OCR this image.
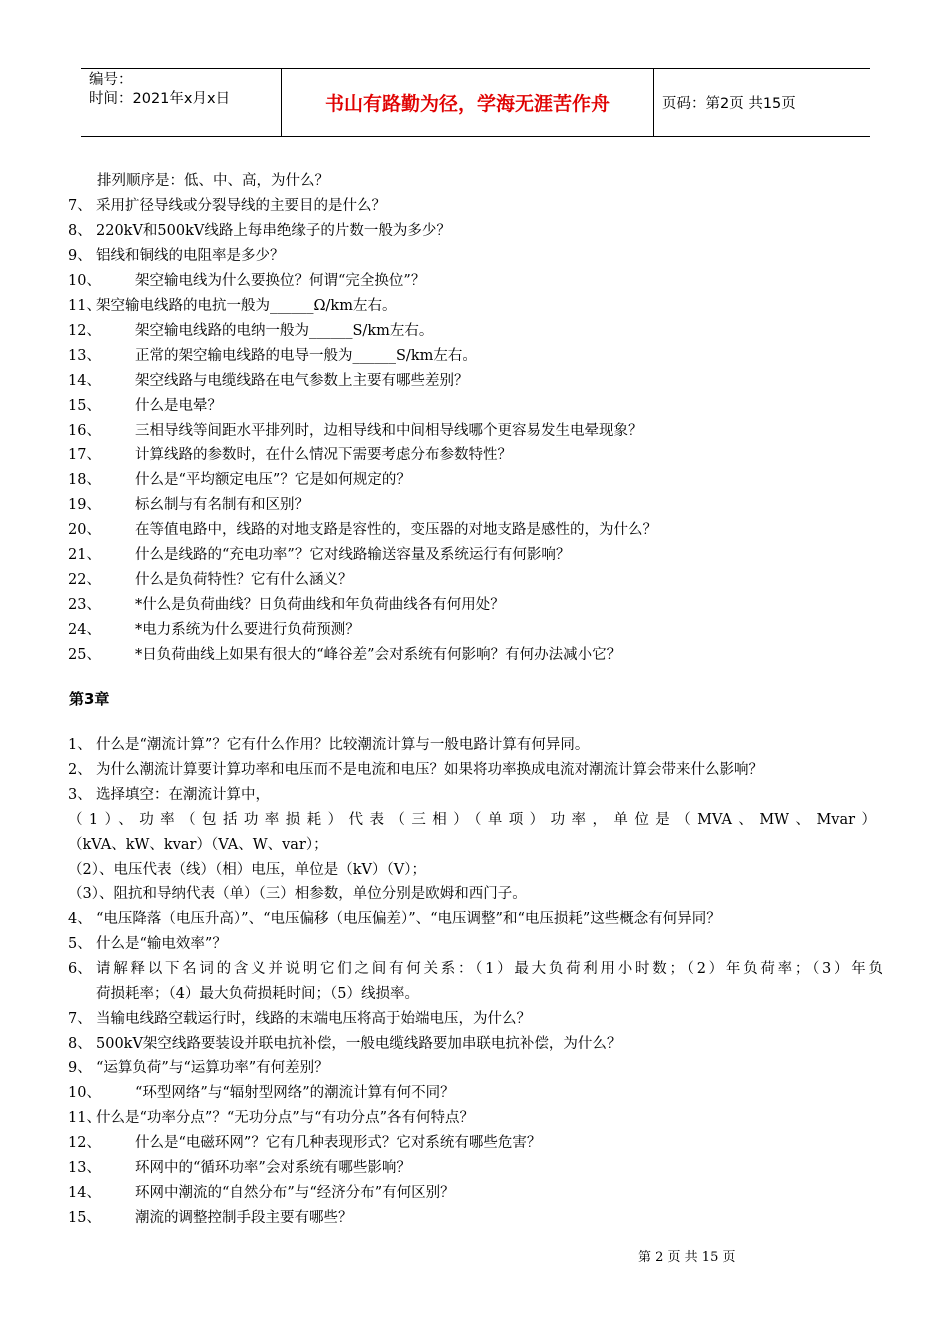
编号：
时间：2021年x月x日	书山有路勤为径，学海无涯苦作舟	页码：第2页 共15页
排列顺序是：低、中、高，为什么？
7、 采用扩径导线或分裂导线的主要目的是什么？
8、 220kV和500kV线路上每串绝缘子的片数一般为多少？
9、 铝线和铜线的电阻率是多少？
10、 架空输电线为什么要换位？何谓“完全换位”？
11、架空输电线路的电抗一般为______Ω/km左右。
12、 架空输电线路的电纳一般为______S/km左右。
13、 正常的架空输电线路的电导一般为______S/km左右。
14、 架空线路与电缆线路在电气参数上主要有哪些差别？
15、 什么是电晕？
16、 三相导线等间距水平排列时，边相导线和中间相导线哪个更容易发生电晕现象？
17、 计算线路的参数时，在什么情况下需要考虑分布参数特性？
18、 什么是“平均额定电压”？它是如何规定的？
19、 标幺制与有名制有和区别？
20、 在等值电路中，线路的对地支路是容性的，变压器的对地支路是感性的，为什么？
21、 什么是线路的“充电功率”？它对线路输送容量及系统运行有何影响？
22、 什么是负荷特性？它有什么涵义？
23、 *什么是负荷曲线？日负荷曲线和年负荷曲线各有何用处？
24、 *电力系统为什么要进行负荷预测？
25、 *日负荷曲线上如果有很大的“峰谷差”会对系统有何影响？有何办法减小它？
1、 什么是“潮流计算”？它有什么作用？比较潮流计算与一般电路计算有何异同。
2、 为什么潮流计算要计算功率和电压而不是电流和电压？如果将功率换成电流对潮流计算会带来什么影响？
3、 选择填空：在潮流计算中，
（1）、功率（包括功率损耗）代表（三相）（单项）功率，单位是（MVA、MW、Mvar）
（kVA、kW、kvar）（VA、W、var）；
（2）、电压代表（线）（相）电压，单位是（kV）（V）；
（3）、阻抗和导纳代表（单）（三）相参数，单位分别是欧姆和西门子。
4、 “电压降落（电压升高）”、“电压偏移（电压偏差）”、“电压调整”和“电压损耗”这些概念有何异同？
5、 什么是“输电效率”？
6、 请解释以下名词的含义并说明它们之间有何关系：（1）最大负荷利用小时数；（2）年负荷率；（3）年负
荷损耗率；（4）最大负荷损耗时间；（5）线损率。
7、 当输电线路空载运行时，线路的末端电压将高于始端电压，为什么？
8、 500kV架空线路要装设并联电抗补偿，一般电缆线路要加串联电抗补偿，为什么？
9、 “运算负荷”与“运算功率”有何差别？
10、 “环型网络”与“辐射型网络”的潮流计算有何不同？
11、什么是“功率分点”？“无功分点”与“有功分点”各有何特点？
12、 什么是“电磁环网”？它有几种表现形式？它对系统有哪些危害？
13、 环网中的“循环功率”会对系统有哪些影响？
14、 环网中潮流的“自然分布”与“经济分布”有何区别？
15、 潮流的调整控制手段主要有哪些？
第3章
第 2 页 共 15 页
